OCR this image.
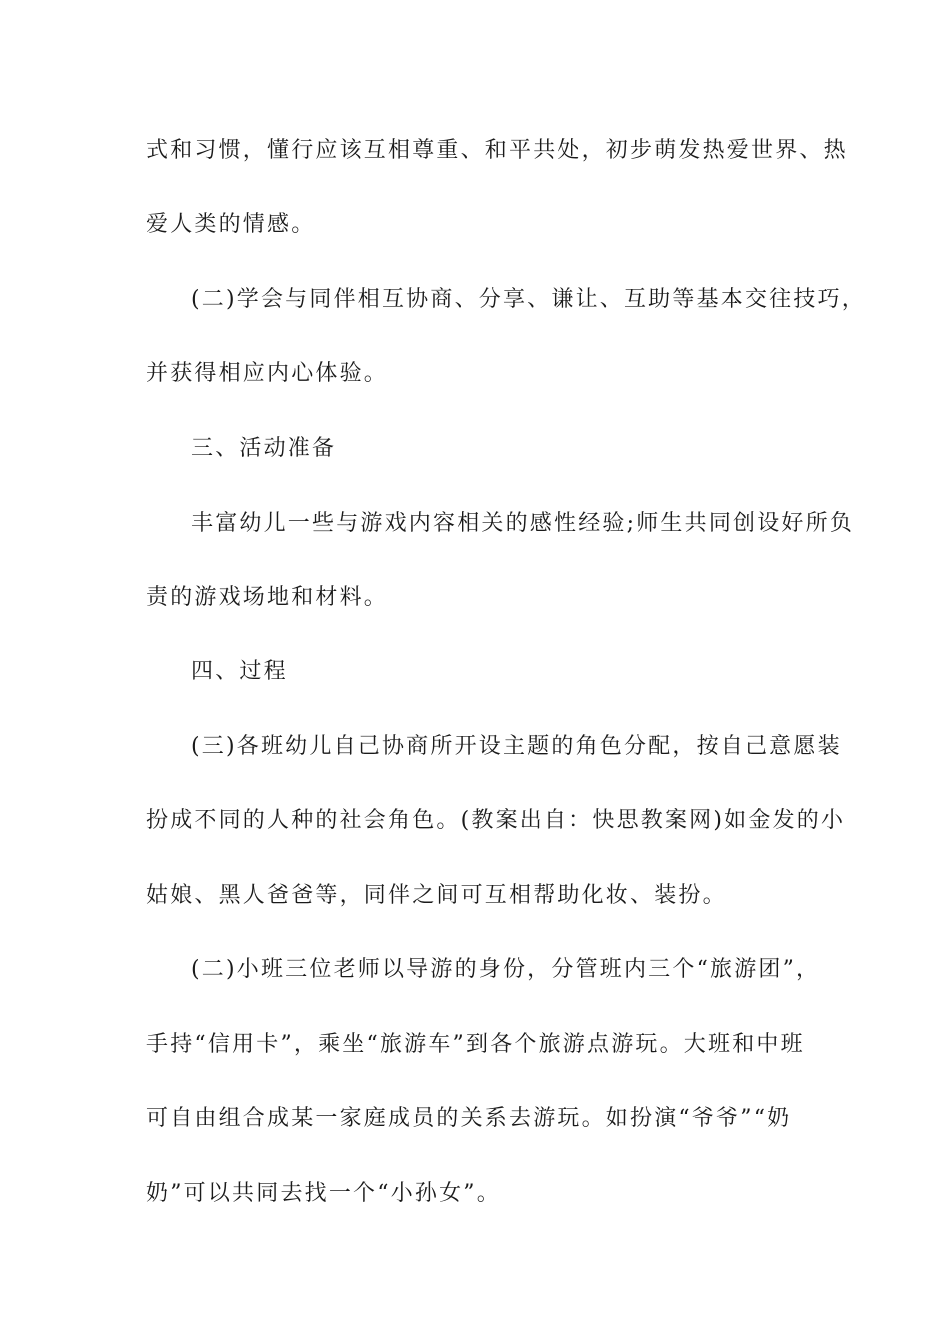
式和习惯，懂行应该互相尊重、和平共处，初步萌发热爱世界、热
爱人类的情感。
(二)学会与同伴相互协商、分享、谦让、互助等基本交往技巧，
并获得相应内心体验。
三、活动准备
丰富幼儿一些与游戏内容相关的感性经验;师生共同创设好所负
责的游戏场地和材料。
四、过程
(三)各班幼儿自己协商所开设主题的角色分配，按自己意愿装
扮成不同的人种的社会角色。(教案出自：快思教案网)如金发的小
姑娘、黑人爸爸等，同伴之间可互相帮助化妆、装扮。
(二)小班三位老师以导游的身份，分管班内三个“旅游团”，
手持“信用卡”，乘坐“旅游车”到各个旅游点游玩。大班和中班
可自由组合成某一家庭成员的关系去游玩。如扮演“爷爷”“奶
奶”可以共同去找一个“小孙女”。
